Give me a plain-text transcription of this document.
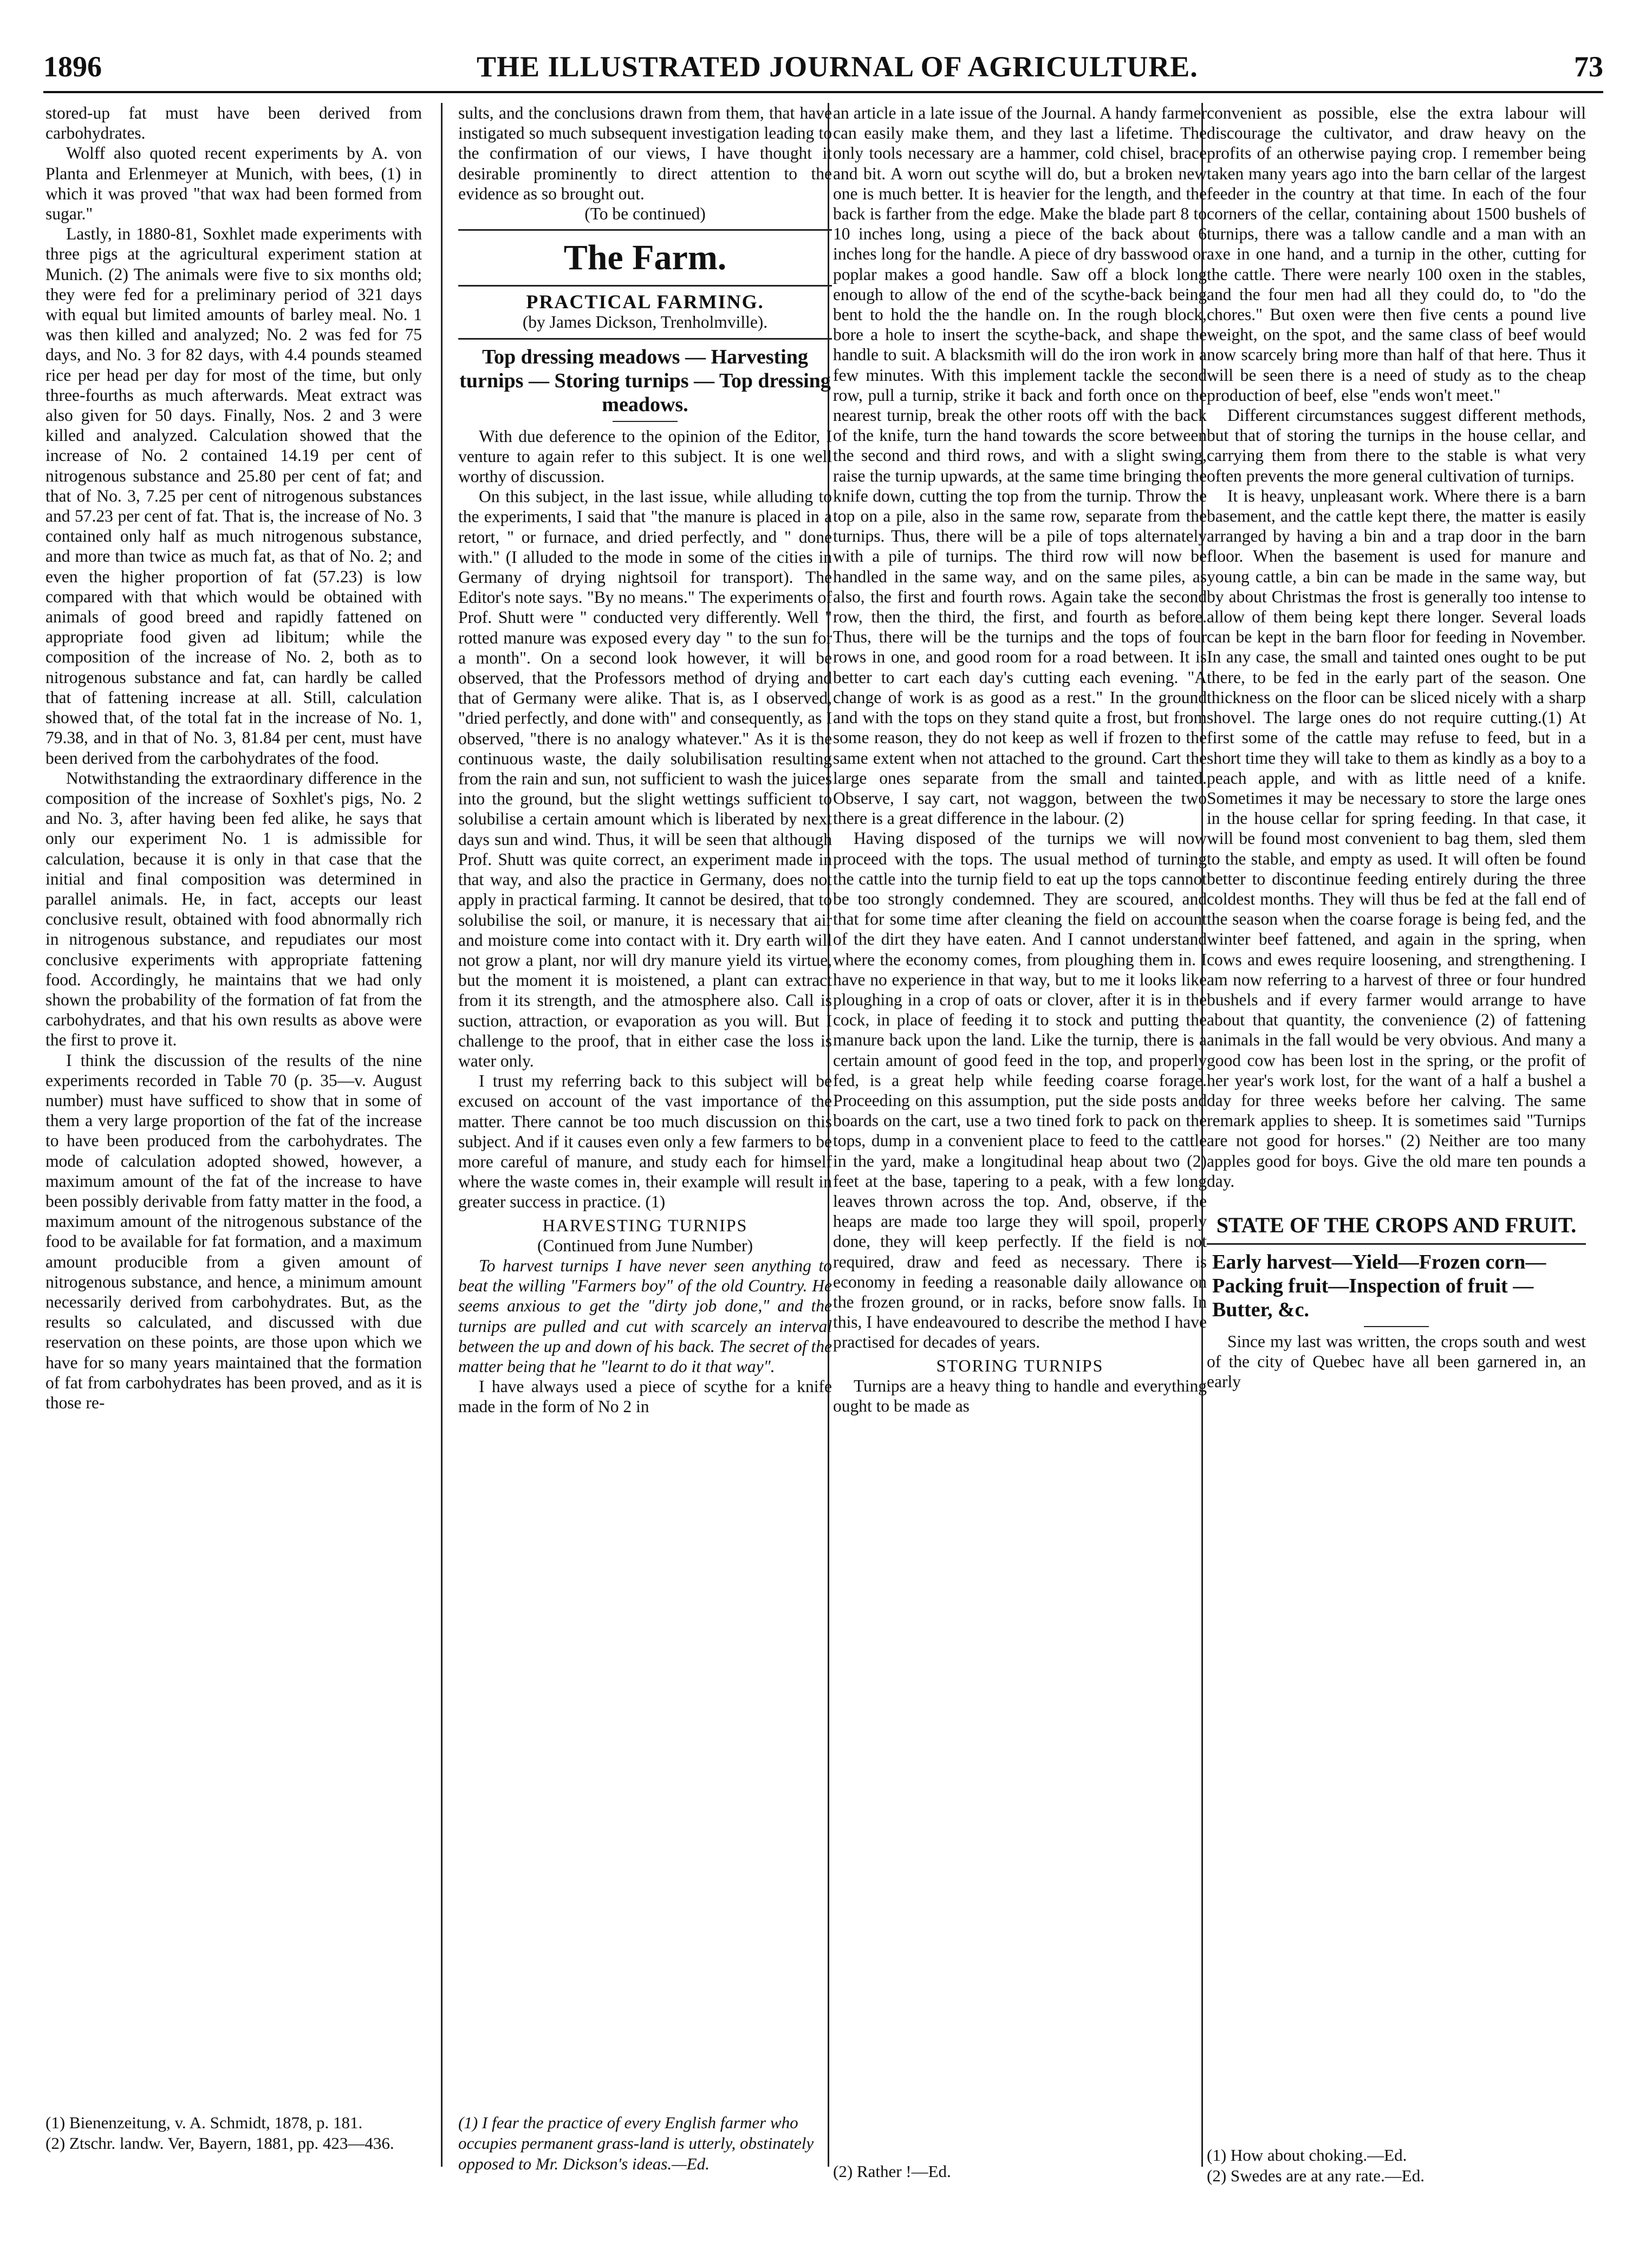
1896	THE ILLUSTRATED JOURNAL OF AGRICULTURE.	73

stored-up fat must have been derived from carbohydrates.

Wolff also quoted recent experiments by A. von Planta and Erlenmeyer at Munich, with bees, (1) in which it was proved "that wax had been formed from sugar."

Lastly, in 1880-81, Soxhlet made experiments with three pigs at the agricultural experiment station at Munich. (2) The animals were five to six months old; they were fed for a preliminary period of 321 days with equal but limited amounts of barley meal. No. 1 was then killed and analyzed; No. 2 was fed for 75 days, and No. 3 for 82 days, with 4.4 pounds steamed rice per head per day for most of the time, but only three-fourths as much afterwards. Meat extract was also given for 50 days. Finally, Nos. 2 and 3 were killed and analyzed. Calculation showed that the increase of No. 2 contained 14.19 per cent of nitrogenous substance and 25.80 per cent of fat; and that of No. 3, 7.25 per cent of nitrogenous substances and 57.23 per cent of fat. That is, the increase of No. 3 contained only half as much nitrogenous substance, and more than twice as much fat, as that of No. 2; and even the higher proportion of fat (57.23) is low compared with that which would be obtained with animals of good breed and rapidly fattened on appropriate food given ad libitum; while the composition of the increase of No. 2, both as to nitrogenous substance and fat, can hardly be called that of fattening increase at all. Still, calculation showed that, of the total fat in the increase of No. 1, 79.38, and in that of No. 3, 81.84 per cent, must have been derived from the carbohydrates of the food.

Notwithstanding the extraordinary difference in the composition of the increase of Soxhlet's pigs, No. 2 and No. 3, after having been fed alike, he says that only our experiment No. 1 is admissible for calculation, because it is only in that case that the initial and final composition was determined in parallel animals. He, in fact, accepts our least conclusive result, obtained with food abnormally rich in nitrogenous substance, and repudiates our most conclusive experiments with appropriate fattening food. Accordingly, he maintains that we had only shown the probability of the formation of fat from the carbohydrates, and that his own results as above were the first to prove it.

I think the discussion of the results of the nine experiments recorded in Table 70 (p. 35—v. August number) must have sufficed to show that in some of them a very large proportion of the fat of the increase to have been produced from the carbohydrates. The mode of calculation adopted showed, however, a maximum amount of the fat of the increase to have been possibly derivable from fatty matter in the food, a maximum amount of the nitrogenous substance of the food to be available for fat formation, and a maximum amount producible from a given amount of nitrogenous substance, and hence, a minimum amount necessarily derived from carbohydrates. But, as the results so calculated, and discussed with due reservation on these points, are those upon which we have for so many years maintained that the formation of fat from carbohydrates has been proved, and as it is those re-

(1) Bienenzeitung, v. A. Schmidt, 1878, p. 181.
(2) Ztschr. landw. Ver, Bayern, 1881, pp. 423—436.

sults, and the conclusions drawn from them, that have instigated so much subsequent investigation leading to the confirmation of our views, I have thought it desirable prominently to direct attention to the evidence as so brought out.

(To be continued)

The Farm.
PRACTICAL FARMING.
(by James Dickson, Trenholmville).
Top dressing meadows — Harvesting turnips — Storing turnips — Top dressing meadows.

With due deference to the opinion of the Editor, I venture to again refer to this subject. It is one well worthy of discussion.

On this subject, in the last issue, while alluding to the experiments, I said that "the manure is placed in a retort, " or furnace, and dried perfectly, and " done with." (I alluded to the mode in some of the cities in Germany of drying nightsoil for transport). The Editor's note says. "By no means." The experiments of Prof. Shutt were " conducted very differently. Well " rotted manure was exposed every day " to the sun for a month". On a second look however, it will be observed, that the Professors method of drying and that of Germany were alike. That is, as I observed, "dried perfectly, and done with" and consequently, as I observed, "there is no analogy whatever." As it is the continuous waste, the daily solubilisation resulting from the rain and sun, not sufficient to wash the juices into the ground, but the slight wettings sufficient to solubilise a certain amount which is liberated by next days sun and wind. Thus, it will be seen that although Prof. Shutt was quite correct, an experiment made in that way, and also the practice in Germany, does not apply in practical farming. It cannot be desired, that to solubilise the soil, or manure, it is necessary that air and moisture come into contact with it. Dry earth will not grow a plant, nor will dry manure yield its virtue, but the moment it is moistened, a plant can extract from it its strength, and the atmosphere also. Call is suction, attraction, or evaporation as you will. But I challenge to the proof, that in either case the loss is water only.

I trust my referring back to this subject will be excused on account of the vast importance of the matter. There cannot be too much discussion on this subject. And if it causes even only a few farmers to be more careful of manure, and study each for himself where the waste comes in, their example will result in greater success in practice. (1)

HARVESTING TURNIPS
(Continued from June Number)

To harvest turnips I have never seen anything to beat the willing "Farmers boy" of the old Country. He seems anxious to get the "dirty job done," and the turnips are pulled and cut with scarcely an interval between the up and down of his back. The secret of the matter being that he "learnt to do it that way".

I have always used a piece of scythe for a knife made in the form of No 2 in

(1) I fear the practice of every English farmer who occupies permanent grass-land is utterly, obstinately opposed to Mr. Dickson's ideas.—Ed.

an article in a late issue of the Journal. A handy farmer can easily make them, and they last a lifetime. The only tools necessary are a hammer, cold chisel, brace and bit. A worn out scythe will do, but a broken new one is much better. It is heavier for the length, and the back is farther from the edge. Make the blade part 8 to 10 inches long, using a piece of the back about 6 inches long for the handle. A piece of dry basswood or poplar makes a good handle. Saw off a block long enough to allow of the end of the scythe-back being bent to hold the the handle on. In the rough block, bore a hole to insert the scythe-back, and shape the handle to suit. A blacksmith will do the iron work in a few minutes. With this implement tackle the second row, pull a turnip, strike it back and forth once on the nearest turnip, break the other roots off with the back of the knife, turn the hand towards the score between the second and third rows, and with a slight swing, raise the turnip upwards, at the same time bringing the knife down, cutting the top from the turnip. Throw the top on a pile, also in the same row, separate from the turnips. Thus, there will be a pile of tops alternately with a pile of turnips. The third row will now be handled in the same way, and on the same piles, as also, the first and fourth rows. Again take the second row, then the third, the first, and fourth as before. Thus, there will be the turnips and the tops of four rows in one, and good room for a road between. It is better to cart each day's cutting each evening. "A change of work is as good as a rest." In the ground and with the tops on they stand quite a frost, but from some reason, they do not keep as well if frozen to the same extent when not attached to the ground. Cart the large ones separate from the small and tainted. Observe, I say cart, not waggon, between the two there is a great difference in the labour. (2)

Having disposed of the turnips we will now proceed with the tops. The usual method of turning the cattle into the turnip field to eat up the tops cannot be too strongly condemned. They are scoured, and that for some time after cleaning the field on account of the dirt they have eaten. And I cannot understand where the economy comes, from ploughing them in. I have no experience in that way, but to me it looks like ploughing in a crop of oats or clover, after it is in the cock, in place of feeding it to stock and putting the manure back upon the land. Like the turnip, there is a certain amount of good feed in the top, and properly fed, is a great help while feeding coarse forage. Proceeding on this assumption, put the side posts and boards on the cart, use a two tined fork to pack on the tops, dump in a convenient place to feed to the cattle in the yard, make a longitudinal heap about two (2) feet at the base, tapering to a peak, with a few long leaves thrown across the top. And, observe, if the heaps are made too large they will spoil, properly done, they will keep perfectly. If the field is not required, draw and feed as necessary. There is economy in feeding a reasonable daily allowance on the frozen ground, or in racks, before snow falls. In this, I have endeavoured to describe the method I have practised for decades of years.

STORING TURNIPS

Turnips are a heavy thing to handle and everything ought to be made as

(2) Rather !—Ed.

convenient as possible, else the extra labour will discourage the cultivator, and draw heavy on the profits of an otherwise paying crop. I remember being taken many years ago into the barn cellar of the largest feeder in the country at that time. In each of the four corners of the cellar, containing about 1500 bushels of turnips, there was a tallow candle and a man with an axe in one hand, and a turnip in the other, cutting for the cattle. There were nearly 100 oxen in the stables, and the four men had all they could do, to "do the chores." But oxen were then five cents a pound live weight, on the spot, and the same class of beef would now scarcely bring more than half of that here. Thus it will be seen there is a need of study as to the cheap production of beef, else "ends won't meet."

Different circumstances suggest different methods, but that of storing the turnips in the house cellar, and carrying them from there to the stable is what very often prevents the more general cultivation of turnips.

It is heavy, unpleasant work. Where there is a barn basement, and the cattle kept there, the matter is easily arranged by having a bin and a trap door in the barn floor. When the basement is used for manure and young cattle, a bin can be made in the same way, but by about Christmas the frost is generally too intense to allow of them being kept there longer. Several loads can be kept in the barn floor for feeding in November. In any case, the small and tainted ones ought to be put there, to be fed in the early part of the season. One thickness on the floor can be sliced nicely with a sharp shovel. The large ones do not require cutting.(1) At first some of the cattle may refuse to feed, but in a short time they will take to them as kindly as a boy to a peach apple, and with as little need of a knife. Sometimes it may be necessary to store the large ones in the house cellar for spring feeding. In that case, it will be found most convenient to bag them, sled them to the stable, and empty as used. It will often be found better to discontinue feeding entirely during the three coldest months. They will thus be fed at the fall end of the season when the coarse forage is being fed, and the winter beef fattened, and again in the spring, when cows and ewes require loosening, and strengthening. I am now referring to a harvest of three or four hundred bushels and if every farmer would arrange to have about that quantity, the convenience (2) of fattening animals in the fall would be very obvious. And many a good cow has been lost in the spring, or the profit of her year's work lost, for the want of a half a bushel a day for three weeks before her calving. The same remark applies to sheep. It is sometimes said "Turnips are not good for horses." (2) Neither are too many apples good for boys. Give the old mare ten pounds a day.

STATE OF THE CROPS AND FRUIT.
Early harvest—Yield—Frozen corn—Packing fruit—Inspection of fruit —Butter, &c.

Since my last was written, the crops south and west of the city of Quebec have all been garnered in, an early

(1) How about choking.—Ed.
(2) Swedes are at any rate.—Ed.
